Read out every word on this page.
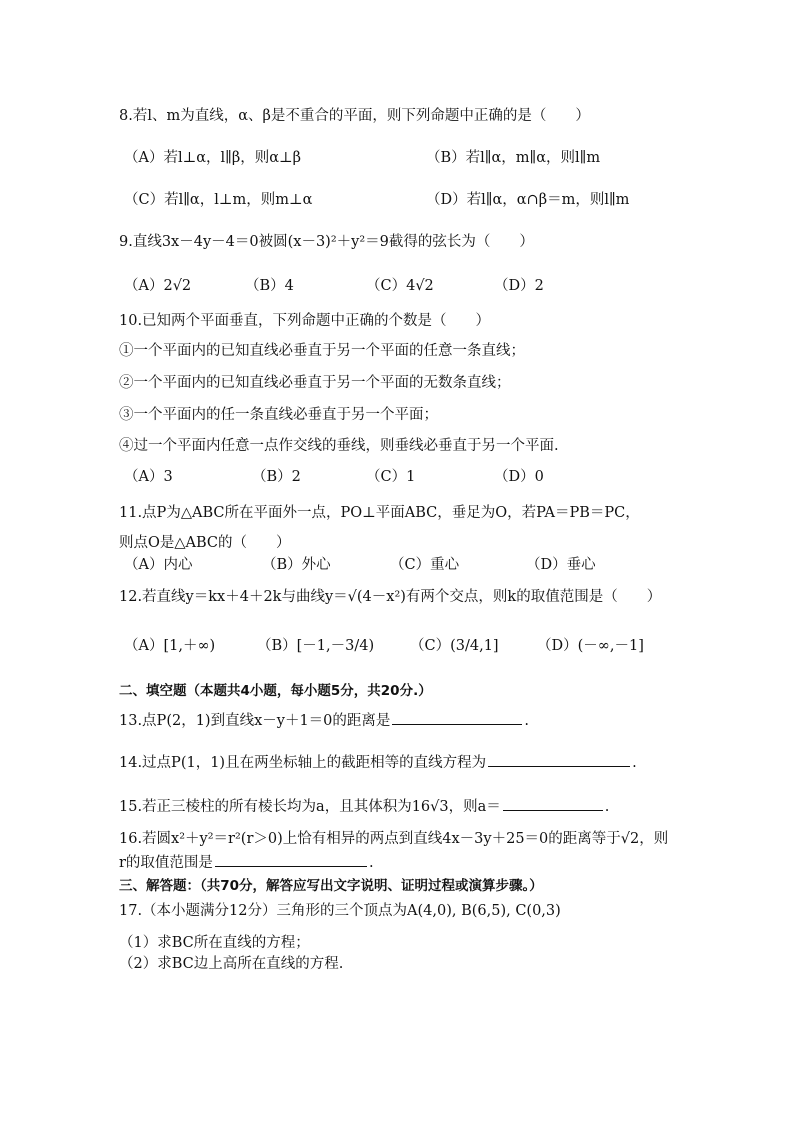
8.若l、m为直线，α、β是不重合的平面，则下列命题中正确的是（　　）
（A）若l⊥α，l∥β，则α⊥β	（B）若l∥α，m∥α，则l∥m
（C）若l∥α，l⊥m，则m⊥α	（D）若l∥α，α∩β＝m，则l∥m
9.直线3x－4y－4＝0被圆(x－3)²＋y²＝9截得的弦长为（　　）
（A）2√2	（B）4	（C）4√2	（D）2
10.已知两个平面垂直，下列命题中正确的个数是（　　）
①一个平面内的已知直线必垂直于另一个平面的任意一条直线；
②一个平面内的已知直线必垂直于另一个平面的无数条直线；
③一个平面内的任一条直线必垂直于另一个平面；
④过一个平面内任意一点作交线的垂线，则垂线必垂直于另一个平面.
（A）3	（B）2	（C）1	（D）0
11.点P为△ABC所在平面外一点，PO⊥平面ABC，垂足为O，若PA＝PB＝PC，
则点O是△ABC的（　　）
（A）内心	（B）外心	（C）重心	（D）垂心
12.若直线y＝kx＋4＋2k与曲线y＝√(4－x²)有两个交点，则k的取值范围是（　　）
（A）[1,＋∞)	（B）[－1,－3/4) （C）(3/4,1]	（D）(－∞,－1]
二、填空题（本题共4小题，每小题5分，共20分.）
13.点P(2，1)到直线x－y＋1＝0的距离是	.
14.过点P(1，1)且在两坐标轴上的截距相等的直线方程为	.
15.若正三棱柱的所有棱长均为a，且其体积为16√3，则a＝	.
16.若圆x²＋y²＝r²(r＞0)上恰有相异的两点到直线4x－3y＋25＝0的距离等于√2，则
r的取值范围是	.
三、解答题：（共70分，解答应写出文字说明、证明过程或演算步骤。）
17.（本小题满分12分）三角形的三个顶点为A(4,0), B(6,5), C(0,3)
（1）求BC所在直线的方程；
（2）求BC边上高所在直线的方程.
